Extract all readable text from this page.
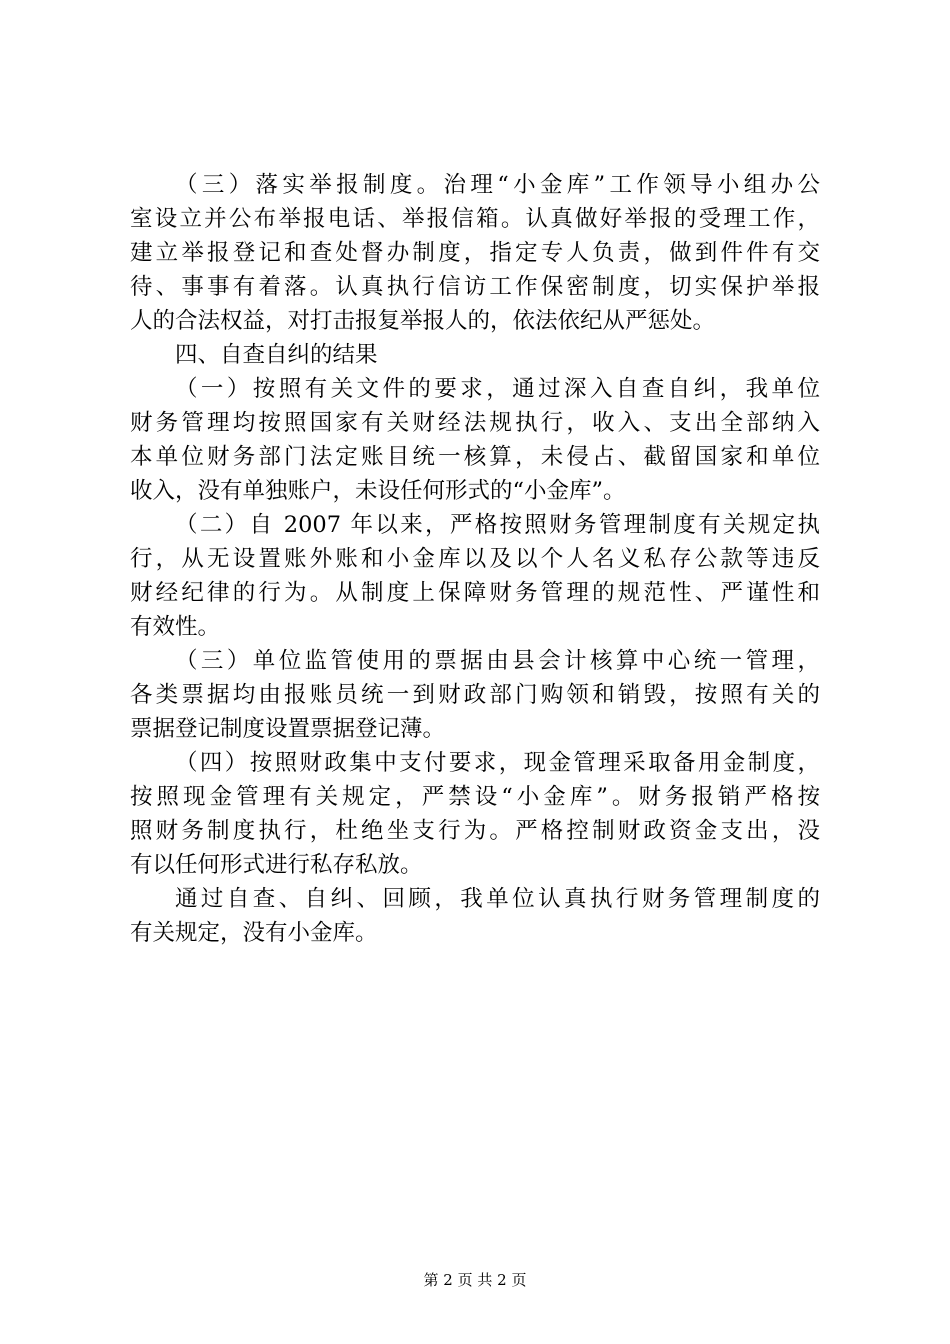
（三）落实举报制度。治理“小金库”工作领导小组办公
室设立并公布举报电话、举报信箱。认真做好举报的受理工作，
建立举报登记和查处督办制度，指定专人负责，做到件件有交
待、事事有着落。认真执行信访工作保密制度，切实保护举报
人的合法权益，对打击报复举报人的，依法依纪从严惩处。
四、自查自纠的结果
（一）按照有关文件的要求，通过深入自查自纠，我单位
财务管理均按照国家有关财经法规执行，收入、支出全部纳入
本单位财务部门法定账目统一核算，未侵占、截留国家和单位
收入，没有单独账户，未设任何形式的“小金库”。
（二）自 2007 年以来，严格按照财务管理制度有关规定执
行，从无设置账外账和小金库以及以个人名义私存公款等违反
财经纪律的行为。从制度上保障财务管理的规范性、严谨性和
有效性。
（三）单位监管使用的票据由县会计核算中心统一管理，
各类票据均由报账员统一到财政部门购领和销毁，按照有关的
票据登记制度设置票据登记薄。
（四）按照财政集中支付要求，现金管理采取备用金制度，
按照现金管理有关规定，严禁设“小金库”。财务报销严格按
照财务制度执行，杜绝坐支行为。严格控制财政资金支出，没
有以任何形式进行私存私放。
通过自查、自纠、回顾，我单位认真执行财务管理制度的
有关规定，没有小金库。
第 2 页 共 2 页
